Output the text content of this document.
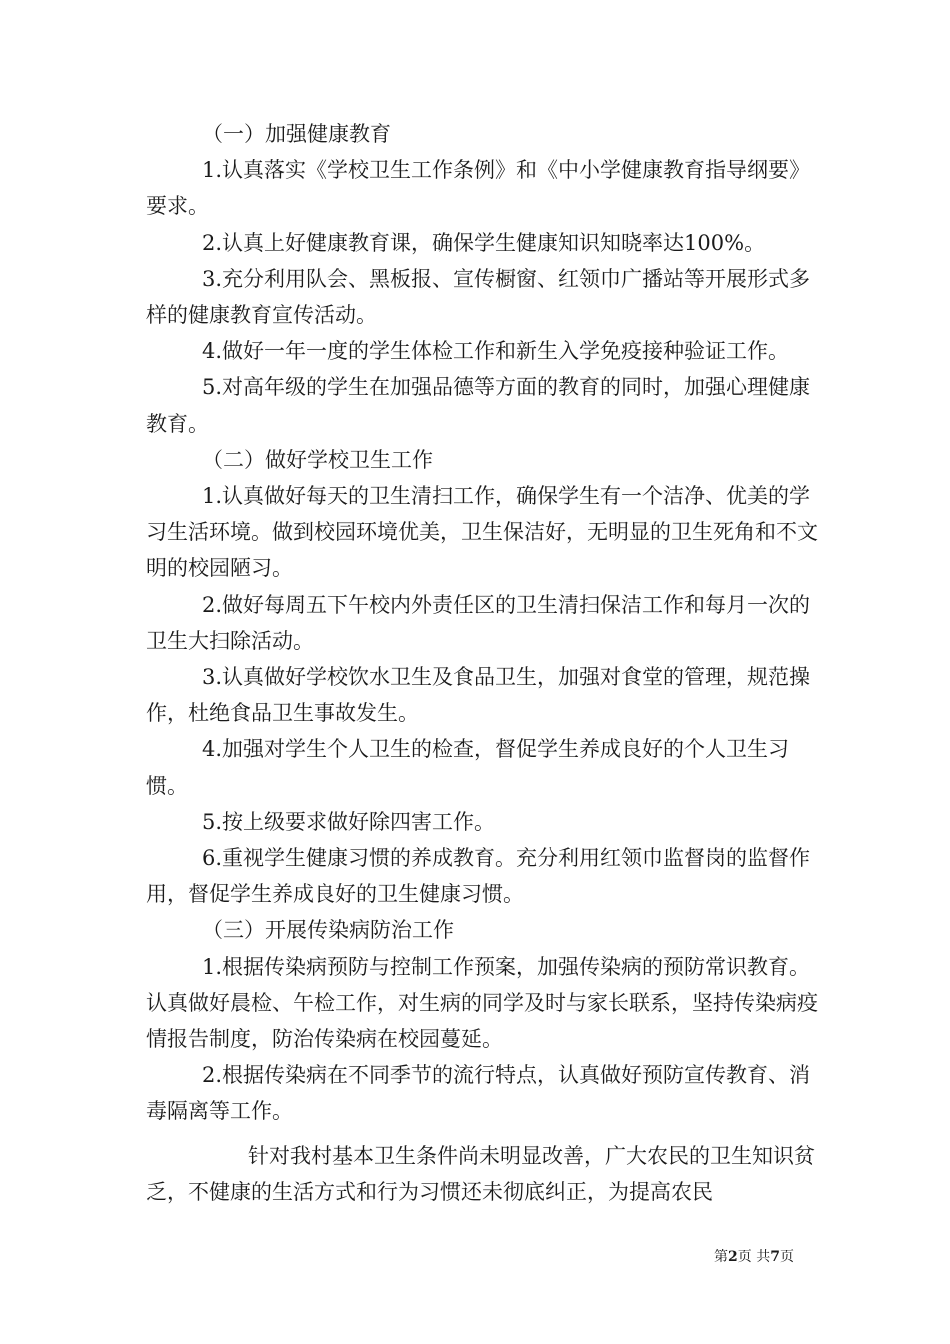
（一）加强健康教育

1.认真落实《学校卫生工作条例》和《中小学健康教育指导纲要》要求。

2.认真上好健康教育课，确保学生健康知识知晓率达100%。

3.充分利用队会、黑板报、宣传橱窗、红领巾广播站等开展形式多样的健康教育宣传活动。

4.做好一年一度的学生体检工作和新生入学免疫接种验证工作。

5.对高年级的学生在加强品德等方面的教育的同时，加强心理健康教育。

（二）做好学校卫生工作

1.认真做好每天的卫生清扫工作，确保学生有一个洁净、优美的学习生活环境。做到校园环境优美，卫生保洁好，无明显的卫生死角和不文明的校园陋习。

2.做好每周五下午校内外责任区的卫生清扫保洁工作和每月一次的卫生大扫除活动。

3.认真做好学校饮水卫生及食品卫生，加强对食堂的管理，规范操作，杜绝食品卫生事故发生。

4.加强对学生个人卫生的检查，督促学生养成良好的个人卫生习惯。

5.按上级要求做好除四害工作。

6.重视学生健康习惯的养成教育。充分利用红领巾监督岗的监督作用，督促学生养成良好的卫生健康习惯。

（三）开展传染病防治工作

1.根据传染病预防与控制工作预案，加强传染病的预防常识教育。认真做好晨检、午检工作，对生病的同学及时与家长联系，坚持传染病疫情报告制度，防治传染病在校园蔓延。

2.根据传染病在不同季节的流行特点，认真做好预防宣传教育、消毒隔离等工作。

针对我村基本卫生条件尚未明显改善，广大农民的卫生知识贫乏，不健康的生活方式和行为习惯还未彻底纠正，为提高农民

第2页 共7页
